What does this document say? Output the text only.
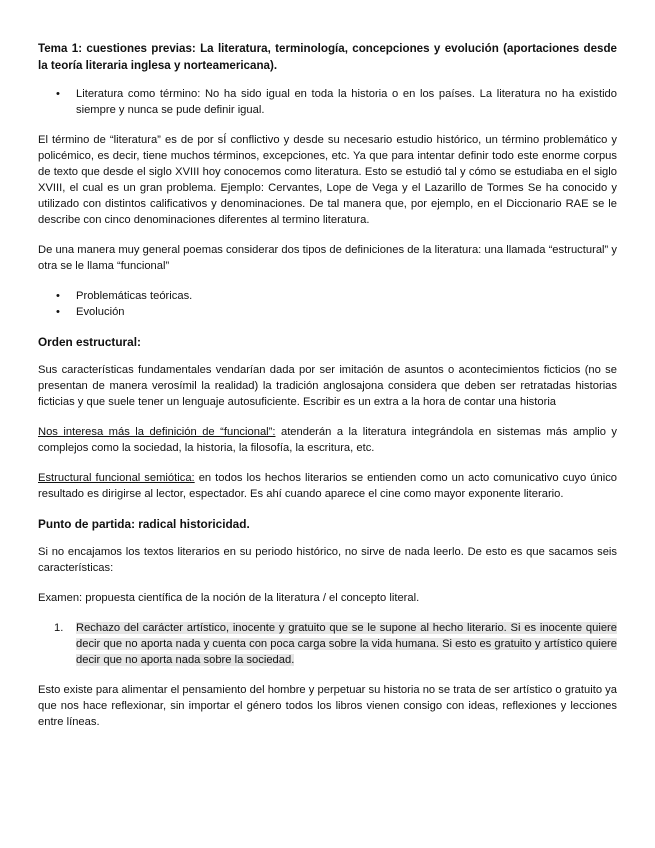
Tema 1: cuestiones previas: La literatura, terminología, concepciones y evolución (aportaciones desde la teoría literaria inglesa y norteamericana).

• Literatura como término: No ha sido igual en toda la historia o en los países. La literatura no ha existido siempre y nunca se pude definir igual.

El término de “literatura” es de por sÍ conflictivo y desde su necesario estudio histórico, un término problemático y policémico, es decir, tiene muchos términos, excepciones, etc. Ya que para intentar definir todo este enorme corpus de texto que desde el siglo XVIII hoy conocemos como literatura. Esto se estudió tal y cómo se estudiaba en el siglo XVIII, el cual es un gran problema. Ejemplo: Cervantes, Lope de Vega y el Lazarillo de Tormes Se ha conocido y utilizado con distintos calificativos y denominaciones. De tal manera que, por ejemplo, en el Diccionario RAE se le describe con cinco denominaciones diferentes al termino literatura.

De una manera muy general poemas considerar dos tipos de definiciones de la literatura: una llamada “estructural” y otra se le llama “funcional”

• Problemáticas teóricas.
• Evolución
Orden estructural:

Sus características fundamentales vendarían dada por ser imitación de asuntos o acontecimientos ficticios (no se presentan de manera verosímil la realidad) la tradición anglosajona considera que deben ser retratadas historias ficticias y que suele tener un lenguaje autosuficiente. Escribir es un extra a la hora de contar una historia

Nos interesa más la definición de “funcional”: atenderán a la literatura integrándola en sistemas más amplio y complejos como la sociedad, la historia, la filosofía, la escritura, etc.

Estructural funcional semiótica: en todos los hechos literarios se entienden como un acto comunicativo cuyo único resultado es dirigirse al lector, espectador. Es ahí cuando aparece el cine como mayor exponente literario.

Punto de partida: radical historicidad.

Si no encajamos los textos literarios en su periodo histórico, no sirve de nada leerlo. De esto es que sacamos seis características:

Examen: propuesta científica de la noción de la literatura / el concepto literal.

1. Rechazo del carácter artístico, inocente y gratuito que se le supone al hecho literario. Si es inocente quiere decir que no aporta nada y cuenta con poca carga sobre la vida humana. Si esto es gratuito y artístico quiere decir que no aporta nada sobre la sociedad.

Esto existe para alimentar el pensamiento del hombre y perpetuar su historia no se trata de ser artístico o gratuito ya que nos hace reflexionar, sin importar el género todos los libros vienen consigo con ideas, reflexiones y lecciones entre líneas.
